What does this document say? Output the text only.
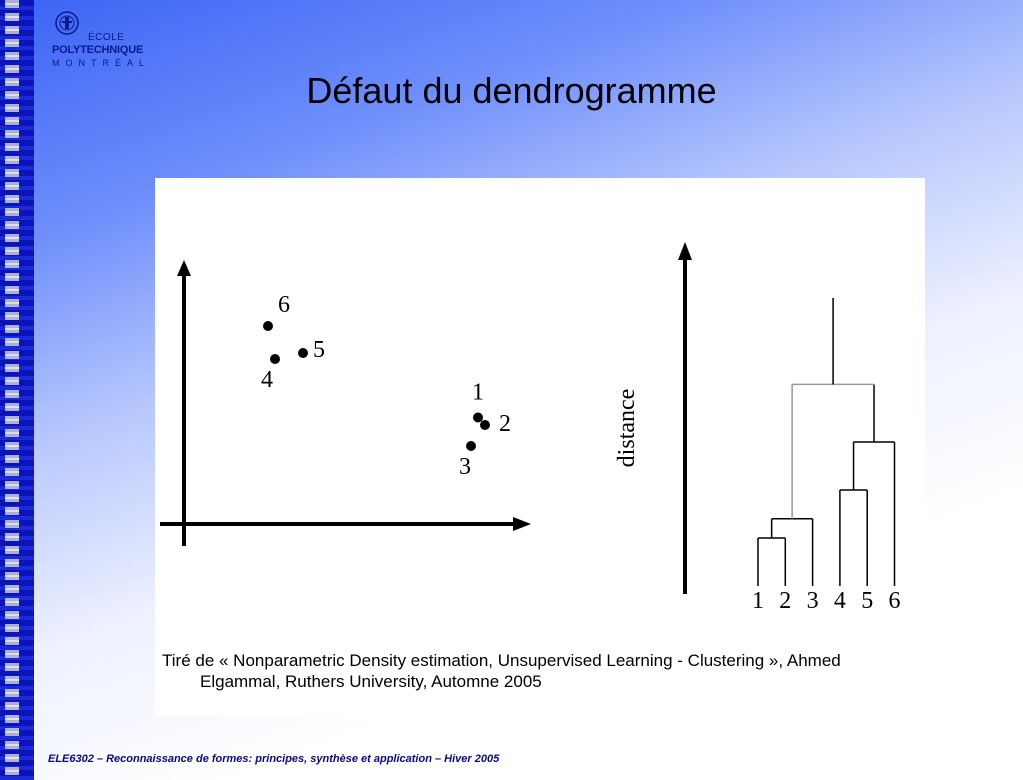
ÉCOLE
POLYTECHNIQUE
MONTRÉAL
Défaut du dendrogramme
1
2
3
4
5
6
distance
1 2 3 4 5 6

Tiré de « Nonparametric Density estimation, Unsupervised Learning - Clustering », Ahmed Elgammal, Ruthers University, Automne 2005

ELE6302 – Reconnaissance de formes: principes, synthèse et application – Hiver 2005
